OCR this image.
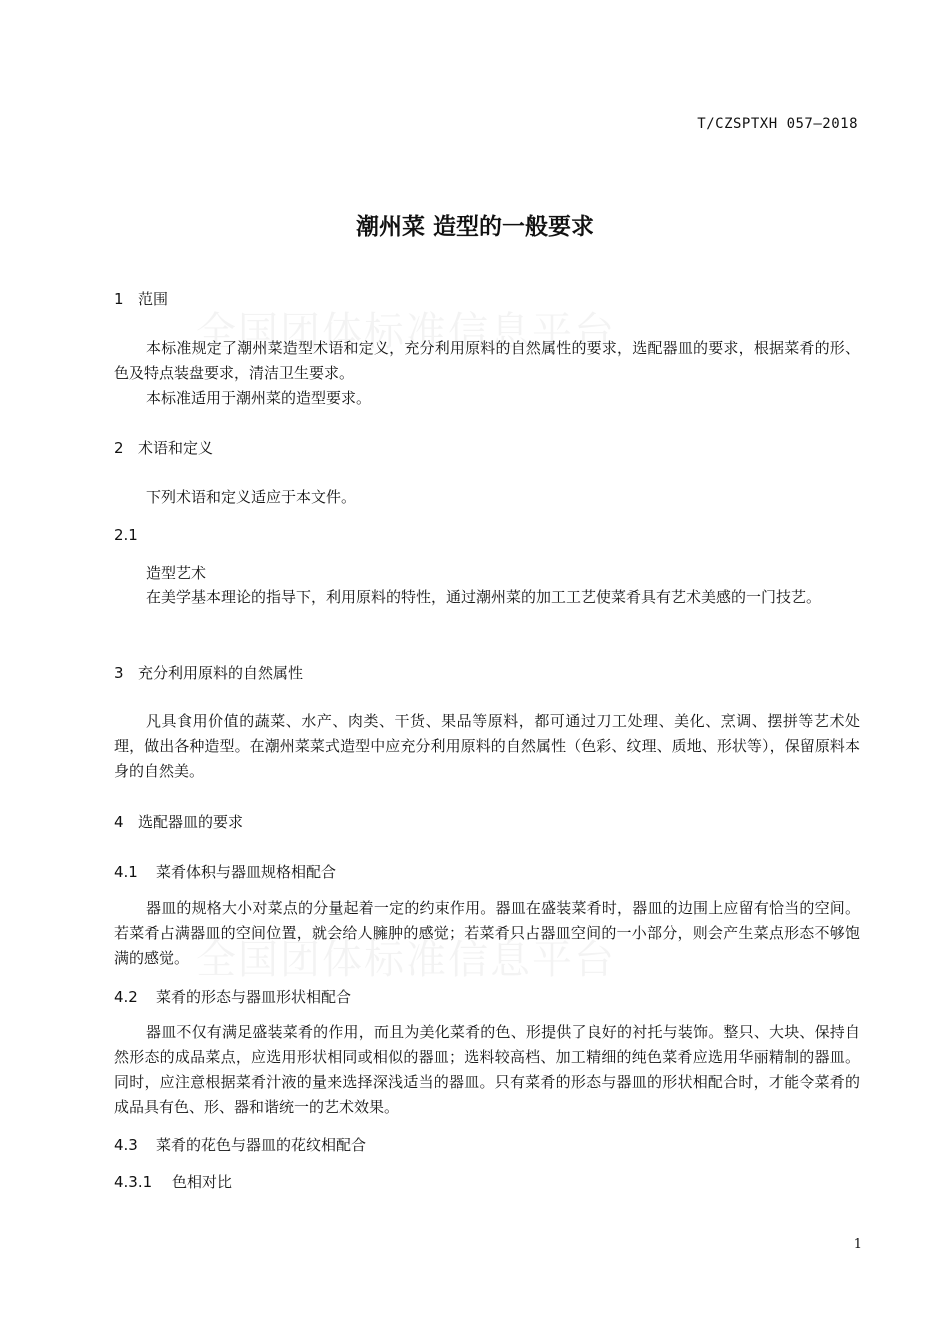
T/CZSPTXH 057—2018
潮州菜 造型的一般要求
1 范围
本标准规定了潮州菜造型术语和定义，充分利用原料的自然属性的要求，选配器皿的要求，根据菜肴的形、色及特点装盘要求，清洁卫生要求。
本标准适用于潮州菜的造型要求。
2 术语和定义
下列术语和定义适应于本文件。
2.1
造型艺术
在美学基本理论的指导下，利用原料的特性，通过潮州菜的加工工艺使菜肴具有艺术美感的一门技艺。
3 充分利用原料的自然属性
凡具食用价值的蔬菜、水产、肉类、干货、果品等原料，都可通过刀工处理、美化、烹调、摆拼等艺术处理，做出各种造型。在潮州菜菜式造型中应充分利用原料的自然属性（色彩、纹理、质地、形状等），保留原料本身的自然美。
4 选配器皿的要求
4.1 菜肴体积与器皿规格相配合
器皿的规格大小对菜点的分量起着一定的约束作用。器皿在盛装菜肴时，器皿的边围上应留有恰当的空间。若菜肴占满器皿的空间位置，就会给人臃肿的感觉；若菜肴只占器皿空间的一小部分，则会产生菜点形态不够饱满的感觉。
4.2 菜肴的形态与器皿形状相配合
器皿不仅有满足盛装菜肴的作用，而且为美化菜肴的色、形提供了良好的衬托与装饰。整只、大块、保持自然形态的成品菜点，应选用形状相同或相似的器皿；选料较高档、加工精细的纯色菜肴应选用华丽精制的器皿。同时，应注意根据菜肴汁液的量来选择深浅适当的器皿。只有菜肴的形态与器皿的形状相配合时，才能令菜肴的成品具有色、形、器和谐统一的艺术效果。
4.3 菜肴的花色与器皿的花纹相配合
4.3.1 色相对比
1
